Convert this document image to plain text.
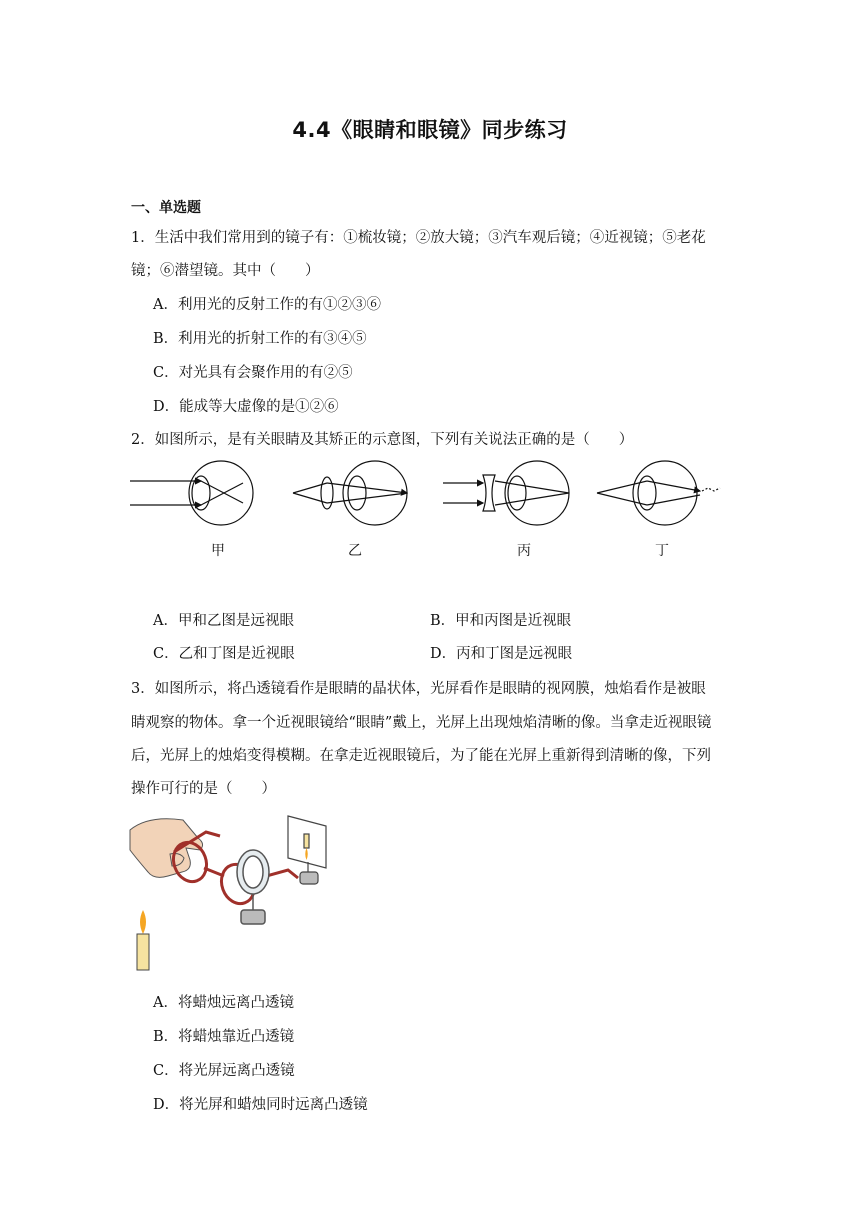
4.4《眼睛和眼镜》同步练习
一、单选题
1．生活中我们常用到的镜子有：①梳妆镜；②放大镜；③汽车观后镜；④近视镜；⑤老花
镜；⑥潜望镜。其中（　　）
A．利用光的反射工作的有①②③⑥
B．利用光的折射工作的有③④⑤
C．对光具有会聚作用的有②⑤
D．能成等大虚像的是①②⑥
2．如图所示，是有关眼睛及其矫正的示意图，下列有关说法正确的是（　　）
甲	乙	丙	丁
A．甲和乙图是远视眼	B．甲和丙图是近视眼
C．乙和丁图是近视眼	D．丙和丁图是远视眼
3．如图所示，将凸透镜看作是眼睛的晶状体，光屏看作是眼睛的视网膜，烛焰看作是被眼
睛观察的物体。拿一个近视眼镜给“眼睛”戴上，光屏上出现烛焰清晰的像。当拿走近视眼镜
后，光屏上的烛焰变得模糊。在拿走近视眼镜后，为了能在光屏上重新得到清晰的像，下列
操作可行的是（　　）
A．将蜡烛远离凸透镜
B．将蜡烛靠近凸透镜
C．将光屏远离凸透镜
D．将光屏和蜡烛同时远离凸透镜
